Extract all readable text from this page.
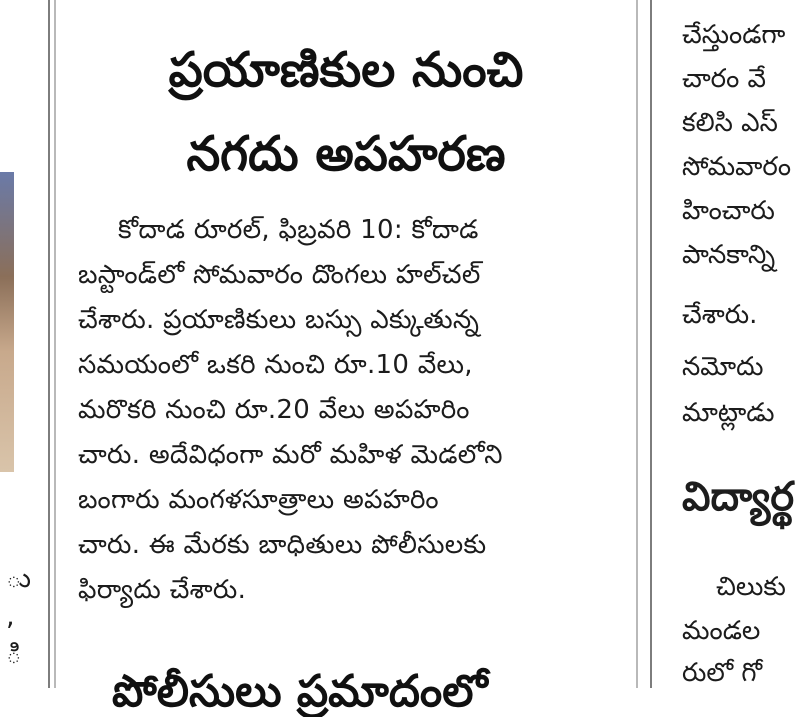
ు
,
ి
ప్రయాణికుల నుంచి
నగదు అపహరణ
కోదాడ రూరల్, ఫిబ్రవరి 10: కోదాడ
బస్టాండ్‌లో సోమవారం దొంగలు హల్‌చల్
చేశారు. ప్రయాణికులు బస్సు ఎక్కుతున్న
సమయంలో ఒకరి నుంచి రూ.10 వేలు,
మరొకరి నుంచి రూ.20 వేలు అపహరిం
చారు. అదేవిధంగా మరో మహిళ మెడలోని
బంగారు మంగళసూత్రాలు అపహరిం
చారు. ఈ మేరకు బాధితులు పోలీసులకు
ఫిర్యాదు చేశారు.
పోలీసులు ప్రమాదంలో
చేస్తుండగా
చారం వే
కలిసి ఎస్
సోమవారం
హించారు
పానకాన్ని
చేశారు.
నమోదు
మాట్లాడు
విద్యార్థ
చిలుకు
మండల
రులో గో
